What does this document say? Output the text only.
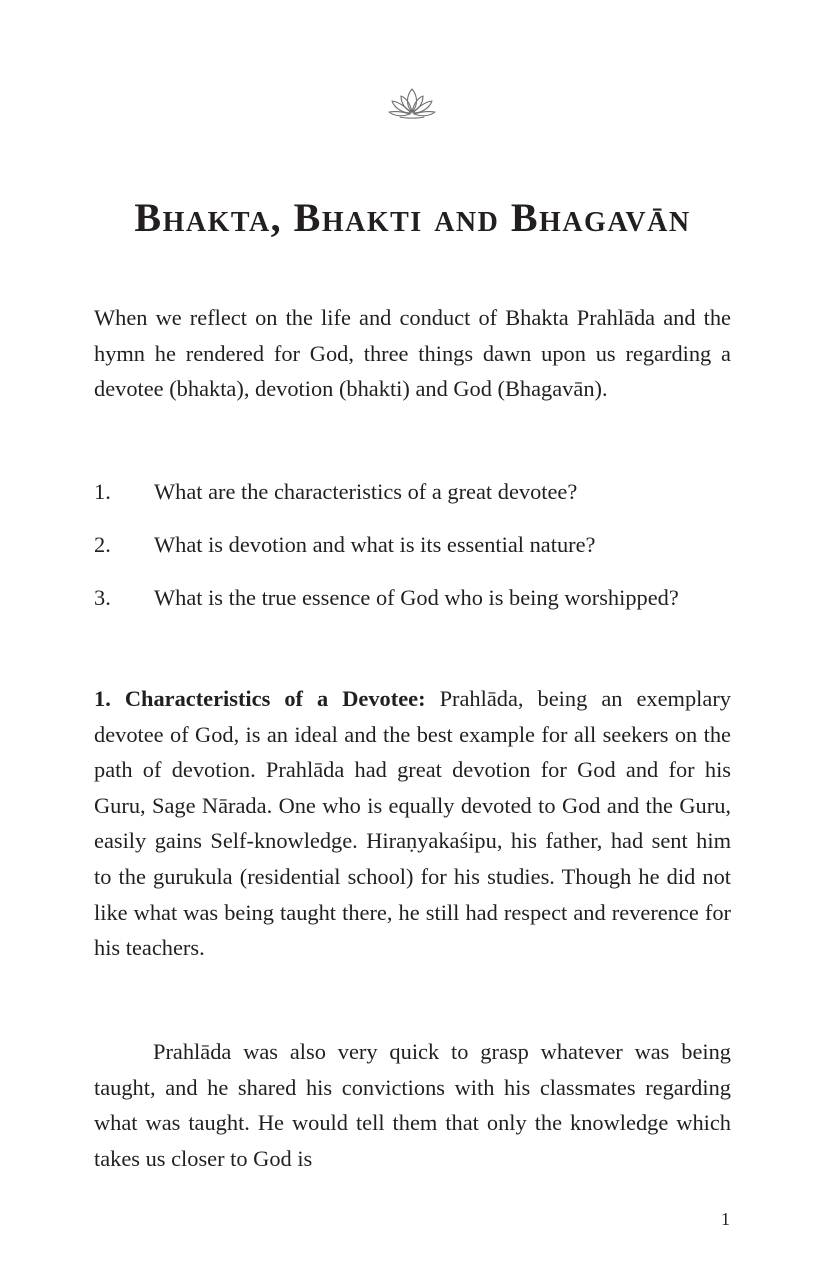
Bhakta, Bhakti and Bhagavān

When we reflect on the life and conduct of Bhakta Prahlāda and the hymn he rendered for God, three things dawn upon us regarding a devotee (bhakta), devotion (bhakti) and God (Bhagavān).

1. What are the characteristics of a great devotee?
2. What is devotion and what is its essential nature?
3. What is the true essence of God who is being worshipped?

1. Characteristics of a Devotee: Prahlāda, being an exemplary devotee of God, is an ideal and the best example for all seekers on the path of devotion. Prahlāda had great devotion for God and for his Guru, Sage Nārada. One who is equally devoted to God and the Guru, easily gains Self-knowledge. Hiraṇyakaśipu, his father, had sent him to the gurukula (residential school) for his studies. Though he did not like what was being taught there, he still had respect and reverence for his teachers.

Prahlāda was also very quick to grasp whatever was being taught, and he shared his convictions with his classmates regarding what was taught. He would tell them that only the knowledge which takes us closer to God is

1
